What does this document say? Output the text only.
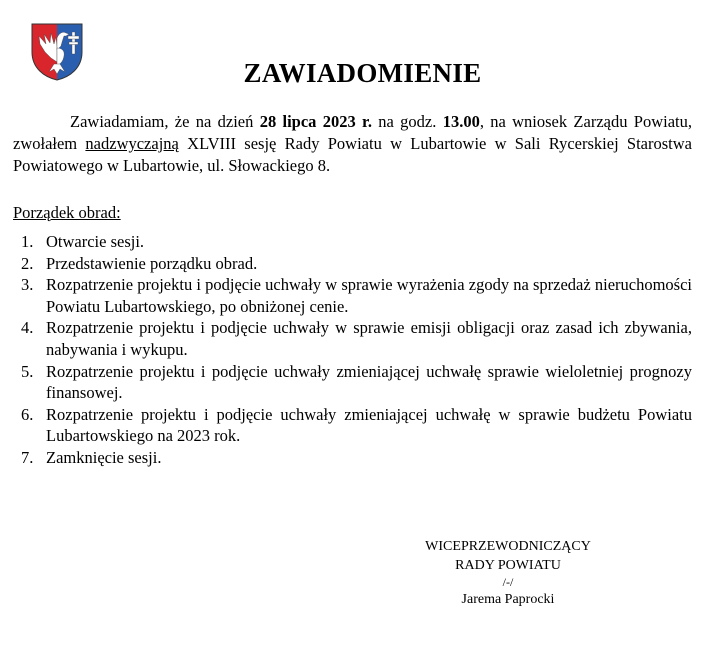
ZAWIADOMIENIE

Zawiadamiam, że na dzień 28 lipca 2023 r. na godz. 13.00, na wniosek Zarządu Powiatu, zwołałem nadzwyczajną XLVIII sesję Rady Powiatu w Lubartowie w Sali Rycerskiej Starostwa Powiatowego w Lubartowie, ul. Słowackiego 8.

Porządek obrad:
1. Otwarcie sesji.
2. Przedstawienie porządku obrad.
3. Rozpatrzenie projektu i podjęcie uchwały w sprawie wyrażenia zgody na sprzedaż nieruchomości Powiatu Lubartowskiego, po obniżonej cenie.
4. Rozpatrzenie projektu i podjęcie uchwały w sprawie emisji obligacji oraz zasad ich zbywania, nabywania i wykupu.
5. Rozpatrzenie projektu i podjęcie uchwały zmieniającej uchwałę sprawie wieloletniej prognozy finansowej.
6. Rozpatrzenie projektu i podjęcie uchwały zmieniającej uchwałę w sprawie budżetu Powiatu Lubartowskiego na 2023 rok.
7. Zamknięcie sesji.
WICEPRZEWODNICZĄCY
RADY POWIATU
/-/
Jarema Paprocki
